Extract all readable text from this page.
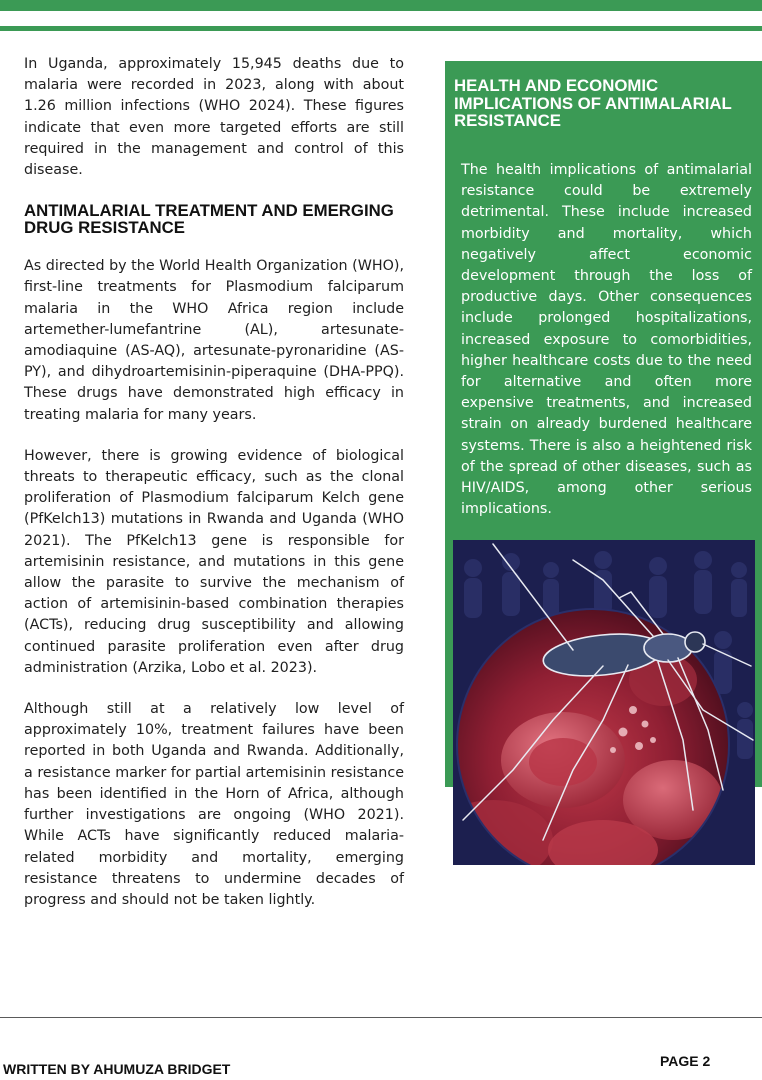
In Uganda, approximately 15,945 deaths due to malaria were recorded in 2023, along with about 1.26 million infections (WHO 2024). These figures indicate that even more targeted efforts are still required in the management and control of this disease.

ANTIMALARIAL TREATMENT AND EMERGING DRUG RESISTANCE

As directed by the World Health Organization (WHO), first-line treatments for Plasmodium falciparum malaria in the WHO Africa region include artemether-lumefantrine (AL), artesunate-amodiaquine (AS-AQ), artesunate-pyronaridine (AS-PY), and dihydroartemisinin-piperaquine (DHA-PPQ). These drugs have demonstrated high efficacy in treating malaria for many years.

However, there is growing evidence of biological threats to therapeutic efficacy, such as the clonal proliferation of Plasmodium falciparum Kelch gene (PfKelch13) mutations in Rwanda and Uganda (WHO 2021). The PfKelch13 gene is responsible for artemisinin resistance, and mutations in this gene allow the parasite to survive the mechanism of action of artemisinin-based combination therapies (ACTs), reducing drug susceptibility and allowing continued parasite proliferation even after drug administration (Arzika, Lobo et al. 2023).

Although still at a relatively low level of approximately 10%, treatment failures have been reported in both Uganda and Rwanda. Additionally, a resistance marker for partial artemisinin resistance has been identified in the Horn of Africa, although further investigations are ongoing (WHO 2021). While ACTs have significantly reduced malaria-related morbidity and mortality, emerging resistance threatens to undermine decades of progress and should not be taken lightly.

HEALTH AND ECONOMIC IMPLICATIONS OF ANTIMALARIAL RESISTANCE

The health implications of antimalarial resistance could be extremely detrimental. These include increased morbidity and mortality, which negatively affect economic development through the loss of productive days. Other consequences include prolonged hospitalizations, increased exposure to comorbidities, higher healthcare costs due to the need for alternative and often more expensive treatments, and increased strain on already burdened healthcare systems. There is also a heightened risk of the spread of other diseases, such as HIV/AIDS, among other serious implications.

WRITTEN BY AHUMUZA BRIDGET	PAGE 2
